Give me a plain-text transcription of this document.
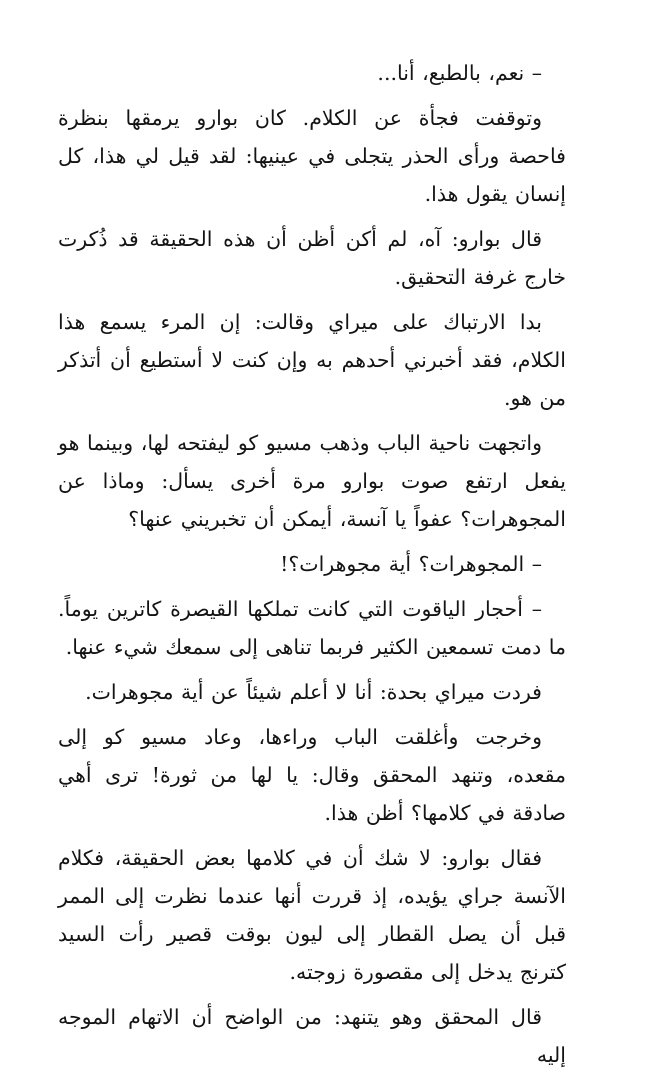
– نعم، بالطبع، أنا...

وتوقفت فجأة عن الكلام. كان بوارو يرمقها بنظرة فاحصة ورأى الحذر يتجلى في عينيها: لقد قيل لي هذا، كل إنسان يقول هذا.

قال بوارو: آه، لم أكن أظن أن هذه الحقيقة قد ذُكرت خارج غرفة التحقيق.

بدا الارتباك على ميراي وقالت: إن المرء يسمع هذا الكلام، فقد أخبرني أحدهم به وإن كنت لا أستطيع أن أتذكر من هو.

واتجهت ناحية الباب وذهب مسيو كو ليفتحه لها، وبينما هو يفعل ارتفع صوت بوارو مرة أخرى يسأل: وماذا عن المجوهرات؟ عفواً يا آنسة، أيمكن أن تخبريني عنها؟

– المجوهرات؟ أية مجوهرات؟!

– أحجار الياقوت التي كانت تملكها القيصرة كاترين يوماً. ما دمت تسمعين الكثير فربما تناهى إلى سمعك شيء عنها.

فردت ميراي بحدة: أنا لا أعلم شيئاً عن أية مجوهرات.

وخرجت وأغلقت الباب وراءها، وعاد مسيو كو إلى مقعده، وتنهد المحقق وقال: يا لها من ثورة! ترى أهي صادقة في كلامها؟ أظن هذا.

فقال بوارو: لا شك أن في كلامها بعض الحقيقة، فكلام الآنسة جراي يؤيده، إذ قررت أنها عندما نظرت إلى الممر قبل أن يصل القطار إلى ليون بوقت قصير رأت السيد كترنج يدخل إلى مقصورة زوجته.

قال المحقق وهو يتنهد: من الواضح أن الاتهام الموجه إليه
